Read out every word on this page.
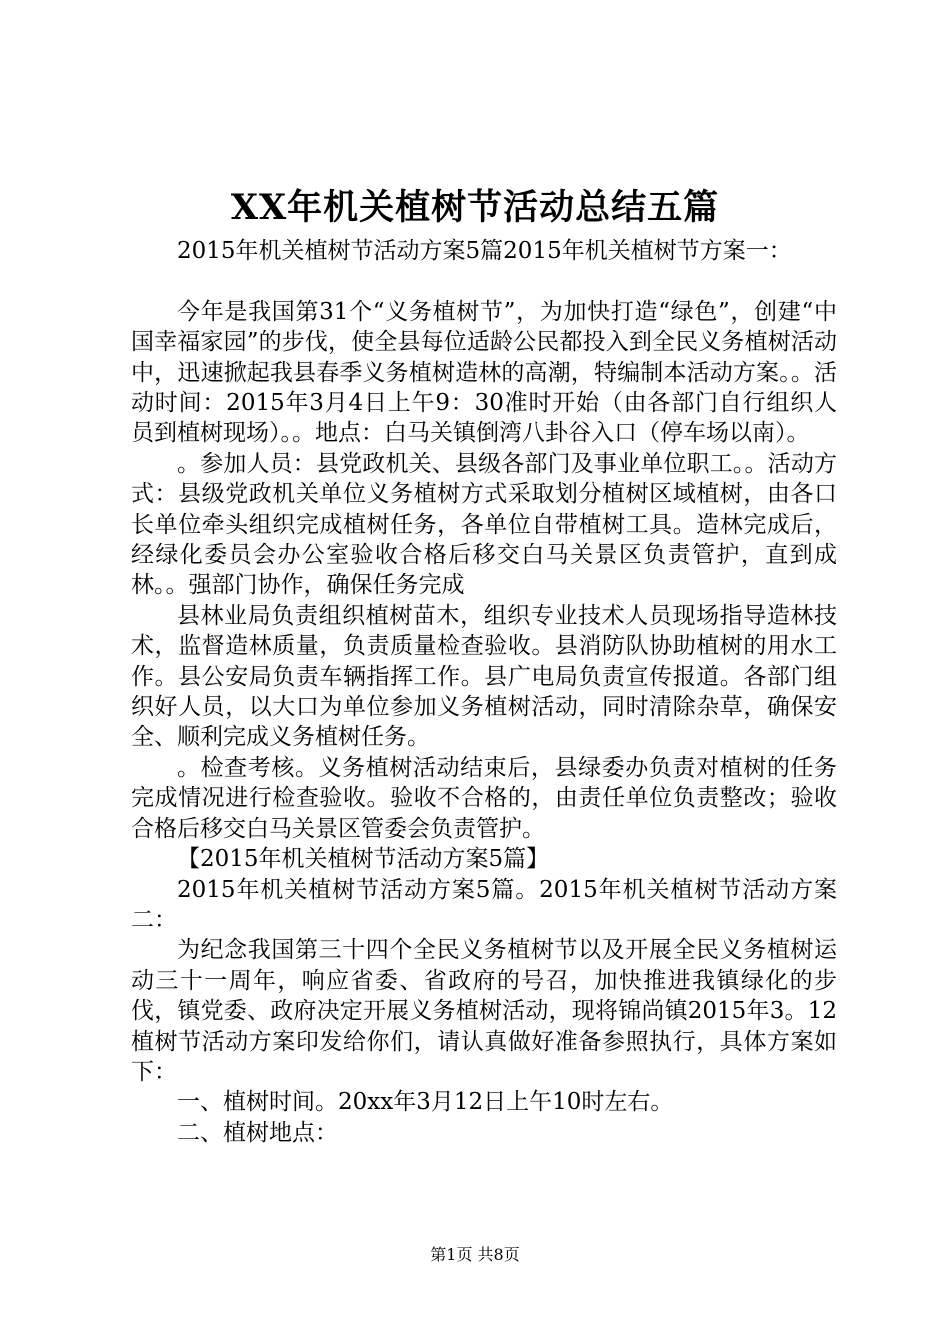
XX年机关植树节活动总结五篇

2015年机关植树节活动方案5篇2015年机关植树节方案一：

今年是我国第31个“义务植树节”，为加快打造“绿色”，创建“中国幸福家园”的步伐，使全县每位适龄公民都投入到全民义务植树活动中，迅速掀起我县春季义务植树造林的高潮，特编制本活动方案。。活动时间：2015年3月4日上午9：30准时开始（由各部门自行组织人员到植树现场）。。地点：白马关镇倒湾八卦谷入口（停车场以南）。

。参加人员：县党政机关、县级各部门及事业单位职工。。活动方式：县级党政机关单位义务植树方式采取划分植树区域植树，由各口长单位牵头组织完成植树任务，各单位自带植树工具。造林完成后，经绿化委员会办公室验收合格后移交白马关景区负责管护，直到成林。。强部门协作，确保任务完成

县林业局负责组织植树苗木，组织专业技术人员现场指导造林技术，监督造林质量，负责质量检查验收。县消防队协助植树的用水工作。县公安局负责车辆指挥工作。县广电局负责宣传报道。各部门组织好人员，以大口为单位参加义务植树活动，同时清除杂草，确保安全、顺利完成义务植树任务。

。检查考核。义务植树活动结束后，县绿委办负责对植树的任务完成情况进行检查验收。验收不合格的，由责任单位负责整改；验收合格后移交白马关景区管委会负责管护。

【2015年机关植树节活动方案5篇】

2015年机关植树节活动方案5篇。2015年机关植树节活动方案二：

为纪念我国第三十四个全民义务植树节以及开展全民义务植树运动三十一周年，响应省委、省政府的号召，加快推进我镇绿化的步伐，镇党委、政府决定开展义务植树活动，现将锦尚镇2015年3。12植树节活动方案印发给你们，请认真做好准备参照执行，具体方案如下：

一、植树时间。20xx年3月12日上午10时左右。

二、植树地点：

第1页 共8页
